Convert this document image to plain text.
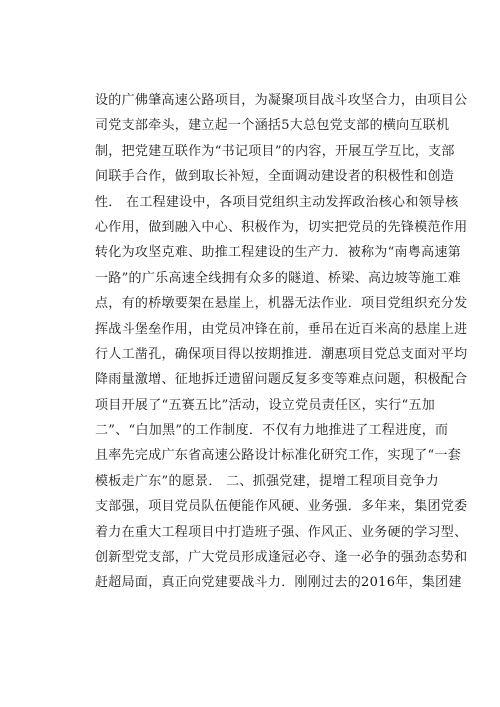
设的广佛肇高速公路项目，为凝聚项目战斗攻坚合力，由项目公
司党支部牵头，建立起一个涵括5大总包党支部的横向互联机
制，把党建互联作为“书记项目”的内容，开展互学互比，支部
间联手合作，做到取长补短，全面调动建设者的积极性和创造
性． 在工程建设中，各项目党组织主动发挥政治核心和领导核
心作用，做到融入中心、积极作为，切实把党员的先锋模范作用
转化为攻坚克难、助推工程建设的生产力．被称为“南粤高速第
一路”的广乐高速全线拥有众多的隧道、桥梁、高边坡等施工难
点，有的桥墩要架在悬崖上，机器无法作业．项目党组织充分发
挥战斗堡垒作用，由党员冲锋在前，垂吊在近百米高的悬崖上进
行人工凿孔，确保项目得以按期推进．潮惠项目党总支面对平均
降雨量激增、征地拆迁遗留问题反复多变等难点问题，积极配合
项目开展了“五赛五比”活动，设立党员责任区，实行“五加
二”、“白加黑”的工作制度．不仅有力地推进了工程进度，而
且率先完成广东省高速公路设计标准化研究工作，实现了“一套
模板走广东”的愿景． 二、抓强党建，提增工程项目竞争力
支部强，项目党员队伍便能作风硬、业务强．多年来，集团党委
着力在重大工程项目中打造班子强、作风正、业务硬的学习型、
创新型党支部，广大党员形成逢冠必夺、逢一必争的强劲态势和
赶超局面，真正向党建要战斗力．刚刚过去的2016年，集团建
